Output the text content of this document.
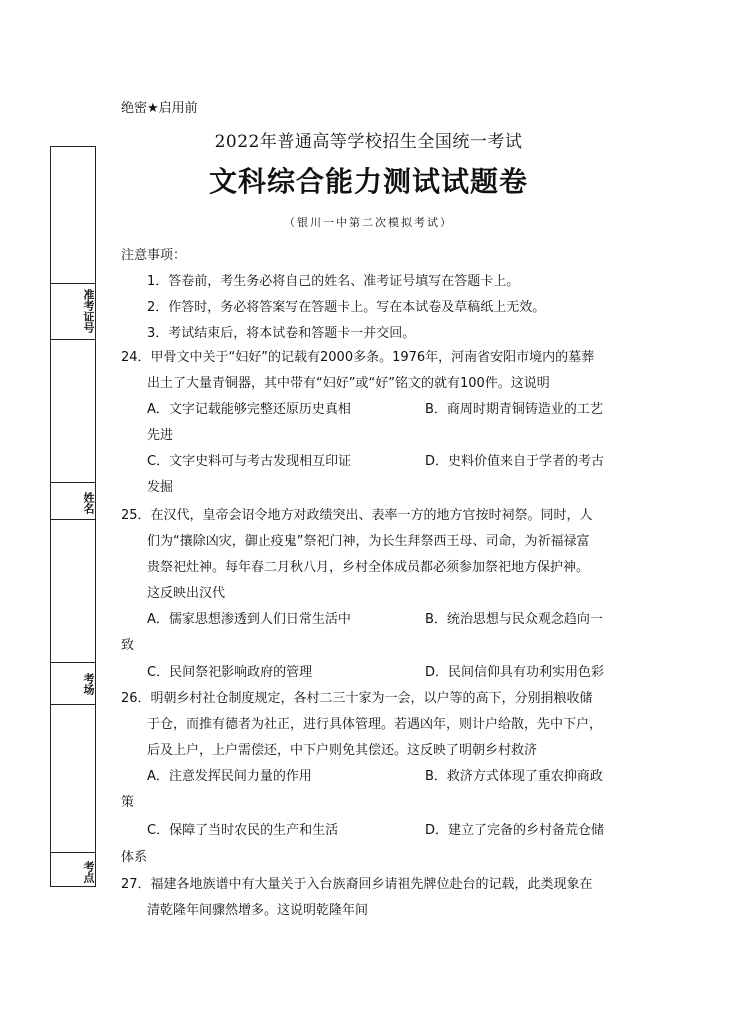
绝密★启用前
2022年普通高等学校招生全国统一考试
文科综合能力测试试题卷
（银川一中第二次模拟考试）
准考证号
姓名
考场
考点
注意事项：
1．答卷前，考生务必将自己的姓名、准考证号填写在答题卡上。
2．作答时，务必将答案写在答题卡上。写在本试卷及草稿纸上无效。
3．考试结束后，将本试卷和答题卡一并交回。
24．甲骨文中关于“妇好”的记载有2000多条。1976年，河南省安阳市境内的墓葬
出土了大量青铜器，其中带有“妇好”或“好”铭文的就有100件。这说明
A．文字记载能够完整还原历史真相	B．商周时期青铜铸造业的工艺
先进
C．文字史料可与考古发现相互印证	D．史料价值来自于学者的考古
发掘
25．在汉代，皇帝会诏令地方对政绩突出、表率一方的地方官按时祠祭。同时，人
们为“攘除凶灾，御止疫鬼”祭祀门神，为长生拜祭西王母、司命，为祈福禄富
贵祭祀灶神。每年春二月秋八月，乡村全体成员都必须参加祭祀地方保护神。
这反映出汉代
A．儒家思想渗透到人们日常生活中	B．统治思想与民众观念趋向一
致
C．民间祭祀影响政府的管理	D．民间信仰具有功利实用色彩
26．明朝乡村社仓制度规定，各村二三十家为一会，以户等的高下，分别捐粮收储
于仓，而推有德者为社正，进行具体管理。若遇凶年，则计户给散，先中下户，
后及上户，上户需偿还，中下户则免其偿还。这反映了明朝乡村救济
A．注意发挥民间力量的作用	B．救济方式体现了重农抑商政
策
C．保障了当时农民的生产和生活	D．建立了完备的乡村备荒仓储
体系
27．福建各地族谱中有大量关于入台族裔回乡请祖先牌位赴台的记载，此类现象在
清乾隆年间骤然增多。这说明乾隆年间
